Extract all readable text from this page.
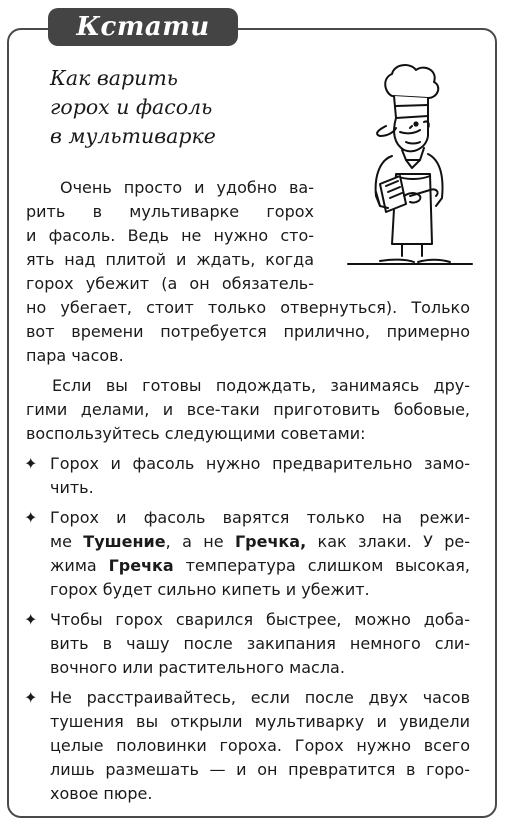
Кстати
Как варить
горох и фасоль
в мультиварке
Очень просто и удобно ва-
рить в мультиварке горох
и фасоль. Ведь не нужно сто-
ять над плитой и ждать, когда
горох убежит (а он обязатель-
но убегает, стоит только отвернуться). Только
вот времени потребуется прилично, примерно
пара часов.
Если вы готовы подождать, занимаясь дру-
гими делами, и все-таки приготовить бобовые,
воспользуйтесь следующими советами:
✦ Горох и фасоль нужно предварительно замо-
чить.
✦ Горох и фасоль варятся только на режи-
ме Тушение, а не Гречка, как злаки. У ре-
жима Гречка температура слишком высокая,
горох будет сильно кипеть и убежит.
✦ Чтобы горох сварился быстрее, можно доба-
вить в чашу после закипания немного сли-
вочного или растительного масла.
✦ Не расстраивайтесь, если после двух часов
тушения вы открыли мультиварку и увидели
целые половинки гороха. Горох нужно всего
лишь размешать — и он превратится в горо-
ховое пюре.
